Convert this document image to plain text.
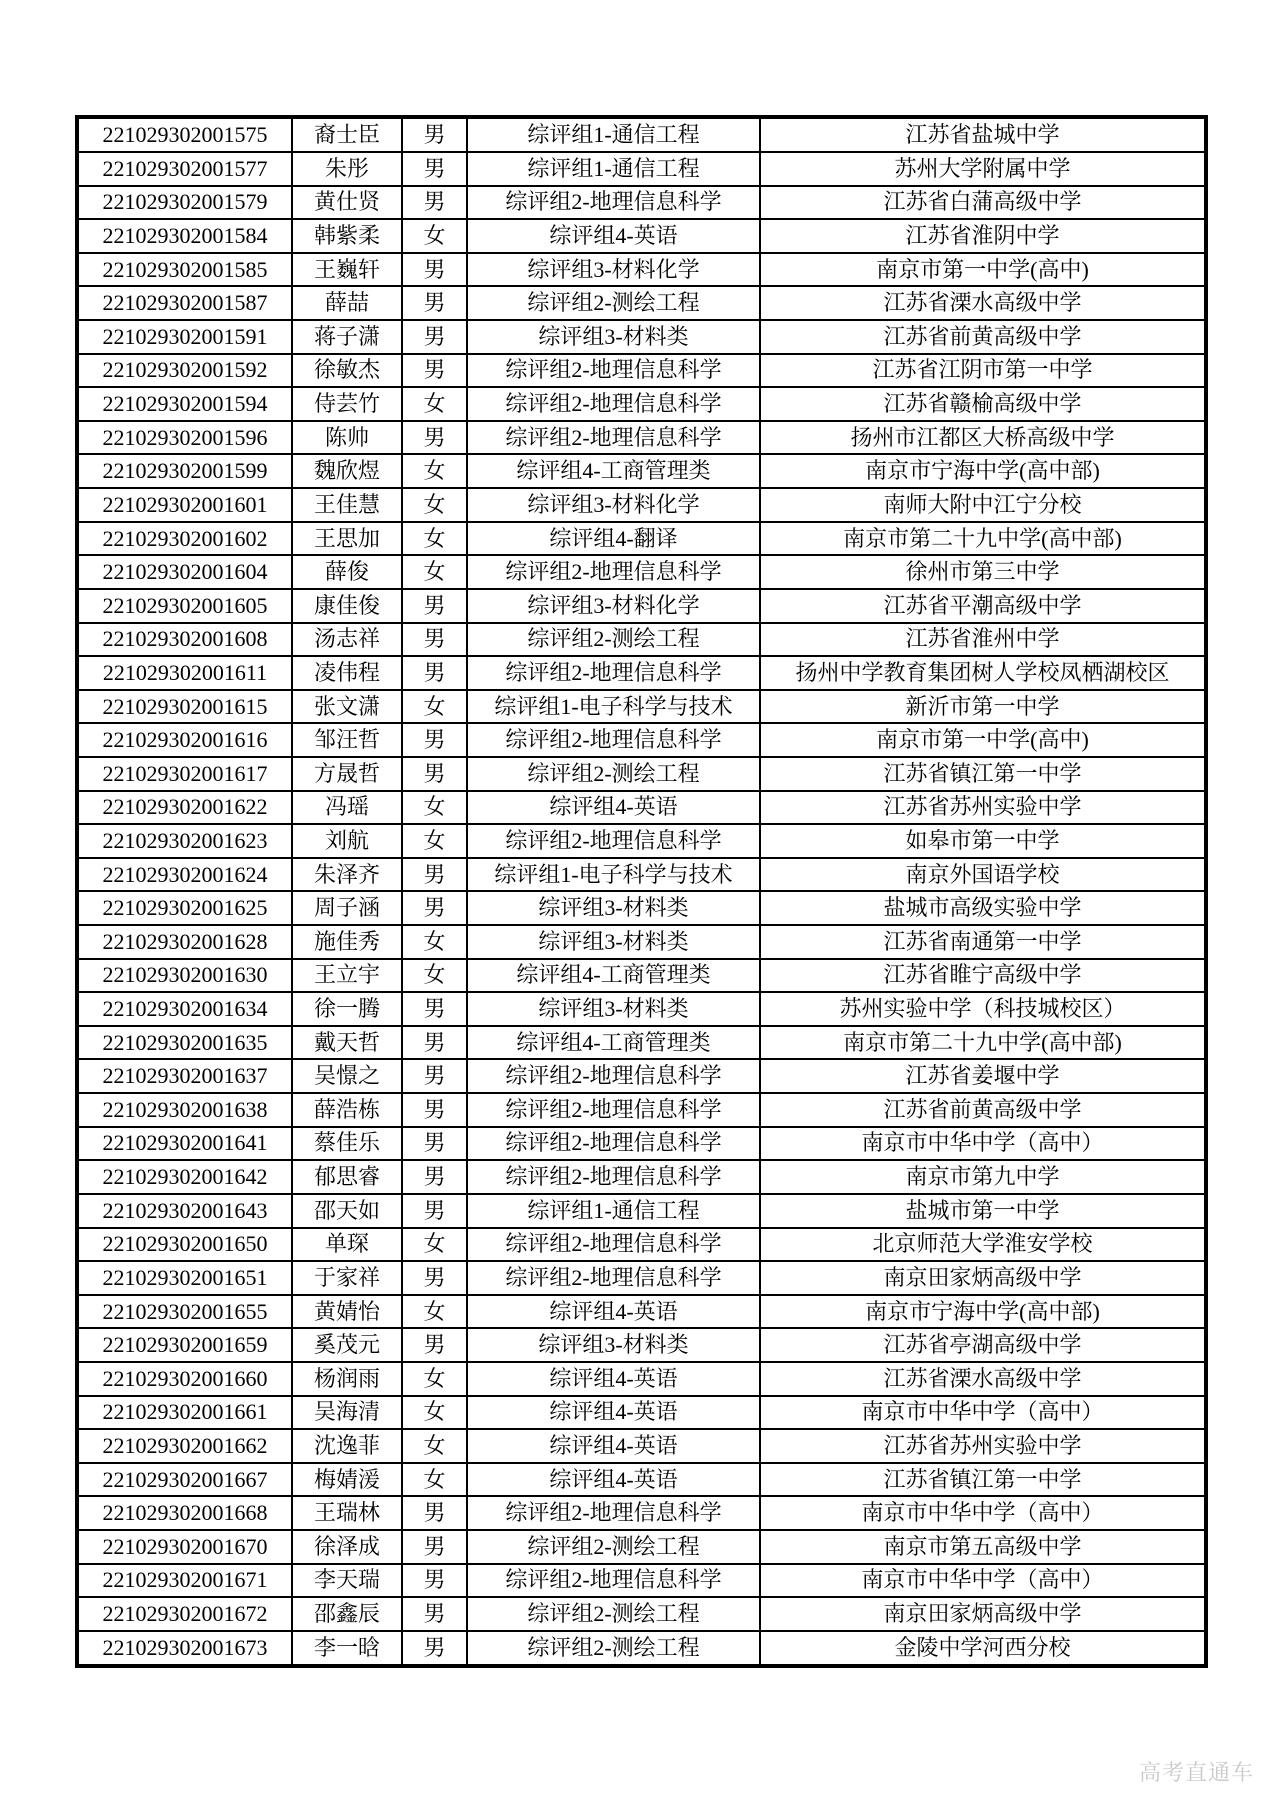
221029302001575	裔士臣	男	综评组1-通信工程	江苏省盐城中学
221029302001577	朱彤	男	综评组1-通信工程	苏州大学附属中学
221029302001579	黄仕贤	男	综评组2-地理信息科学	江苏省白蒲高级中学
221029302001584	韩紫柔	女	综评组4-英语	江苏省淮阴中学
221029302001585	王巍轩	男	综评组3-材料化学	南京市第一中学(高中)
221029302001587	薛喆	男	综评组2-测绘工程	江苏省溧水高级中学
221029302001591	蒋子潇	男	综评组3-材料类	江苏省前黄高级中学
221029302001592	徐敏杰	男	综评组2-地理信息科学	江苏省江阴市第一中学
221029302001594	侍芸竹	女	综评组2-地理信息科学	江苏省赣榆高级中学
221029302001596	陈帅	男	综评组2-地理信息科学	扬州市江都区大桥高级中学
221029302001599	魏欣煜	女	综评组4-工商管理类	南京市宁海中学(高中部)
221029302001601	王佳慧	女	综评组3-材料化学	南师大附中江宁分校
221029302001602	王思加	女	综评组4-翻译	南京市第二十九中学(高中部)
221029302001604	薛俊	女	综评组2-地理信息科学	徐州市第三中学
221029302001605	康佳俊	男	综评组3-材料化学	江苏省平潮高级中学
221029302001608	汤志祥	男	综评组2-测绘工程	江苏省淮州中学
221029302001611	凌伟程	男	综评组2-地理信息科学	扬州中学教育集团树人学校凤栖湖校区
221029302001615	张文潇	女	综评组1-电子科学与技术	新沂市第一中学
221029302001616	邹汪哲	男	综评组2-地理信息科学	南京市第一中学(高中)
221029302001617	方晟哲	男	综评组2-测绘工程	江苏省镇江第一中学
221029302001622	冯瑶	女	综评组4-英语	江苏省苏州实验中学
221029302001623	刘航	女	综评组2-地理信息科学	如皋市第一中学
221029302001624	朱泽齐	男	综评组1-电子科学与技术	南京外国语学校
221029302001625	周子涵	男	综评组3-材料类	盐城市高级实验中学
221029302001628	施佳秀	女	综评组3-材料类	江苏省南通第一中学
221029302001630	王立宇	女	综评组4-工商管理类	江苏省睢宁高级中学
221029302001634	徐一腾	男	综评组3-材料类	苏州实验中学（科技城校区）
221029302001635	戴天哲	男	综评组4-工商管理类	南京市第二十九中学(高中部)
221029302001637	吴憬之	男	综评组2-地理信息科学	江苏省姜堰中学
221029302001638	薛浩栋	男	综评组2-地理信息科学	江苏省前黄高级中学
221029302001641	蔡佳乐	男	综评组2-地理信息科学	南京市中华中学（高中）
221029302001642	郁思睿	男	综评组2-地理信息科学	南京市第九中学
221029302001643	邵天如	男	综评组1-通信工程	盐城市第一中学
221029302001650	单琛	女	综评组2-地理信息科学	北京师范大学淮安学校
221029302001651	于家祥	男	综评组2-地理信息科学	南京田家炳高级中学
221029302001655	黄婧怡	女	综评组4-英语	南京市宁海中学(高中部)
221029302001659	奚茂元	男	综评组3-材料类	江苏省亭湖高级中学
221029302001660	杨润雨	女	综评组4-英语	江苏省溧水高级中学
221029302001661	吴海清	女	综评组4-英语	南京市中华中学（高中）
221029302001662	沈逸菲	女	综评组4-英语	江苏省苏州实验中学
221029302001667	梅婧湲	女	综评组4-英语	江苏省镇江第一中学
221029302001668	王瑞林	男	综评组2-地理信息科学	南京市中华中学（高中）
221029302001670	徐泽成	男	综评组2-测绘工程	南京市第五高级中学
221029302001671	李天瑞	男	综评组2-地理信息科学	南京市中华中学（高中）
221029302001672	邵鑫辰	男	综评组2-测绘工程	南京田家炳高级中学
221029302001673	李一晗	男	综评组2-测绘工程	金陵中学河西分校
高考直通车
